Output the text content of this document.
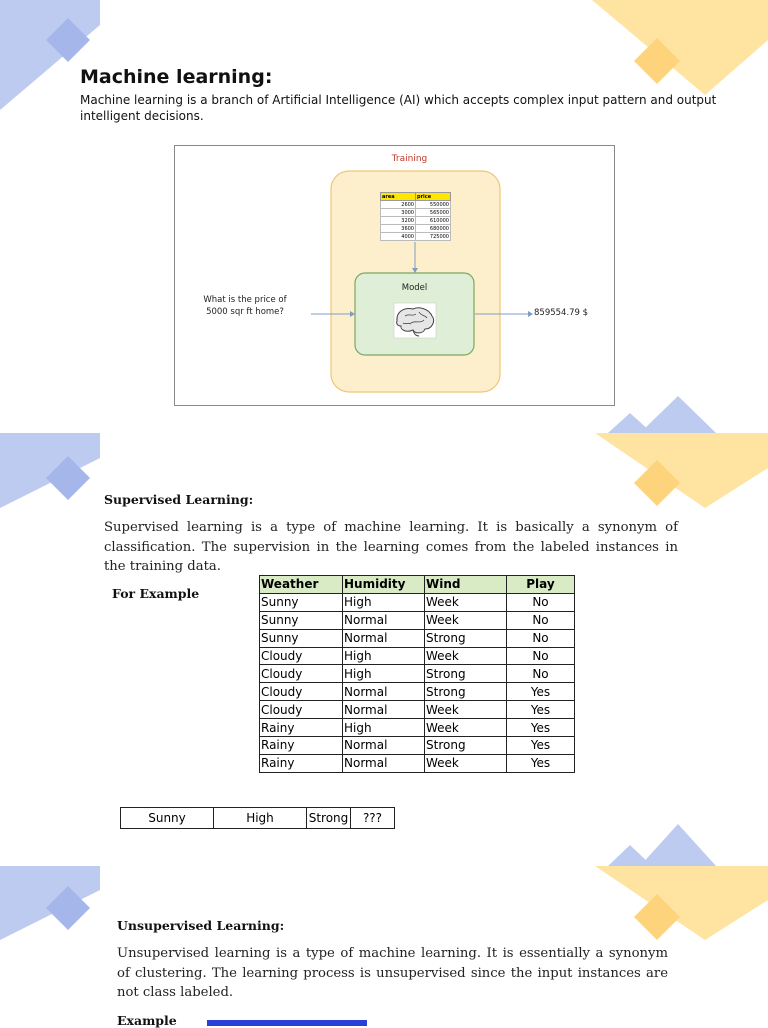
Machine learning:
Machine learning is a branch of Artificial Intelligence (AI) which accepts complex input pattern and output intelligent decisions.
Training
area	price
2600	550000
3000	565000
3200	610000
3600	680000
4000	725000
Model
What is the price of
5000 sqr ft home?	859554.79 $
Supervised Learning:
Supervised learning is a type of machine learning. It is basically a synonym of classification. The supervision in the learning comes from the labeled instances in the training data.
For Example
Weather	Humidity	Wind	Play
Sunny	High	Week	No
Sunny	Normal	Week	No
Sunny	Normal	Strong	No
Cloudy	High	Week	No
Cloudy	High	Strong	No
Cloudy	Normal	Strong	Yes
Cloudy	Normal	Week	Yes
Rainy	High	Week	Yes
Rainy	Normal	Strong	Yes
Rainy	Normal	Week	Yes
Sunny	High	Strong	???
Unsupervised Learning:
Unsupervised learning is a type of machine learning. It is essentially a synonym of clustering. The learning process is unsupervised since the input instances are not class labeled.
Example
